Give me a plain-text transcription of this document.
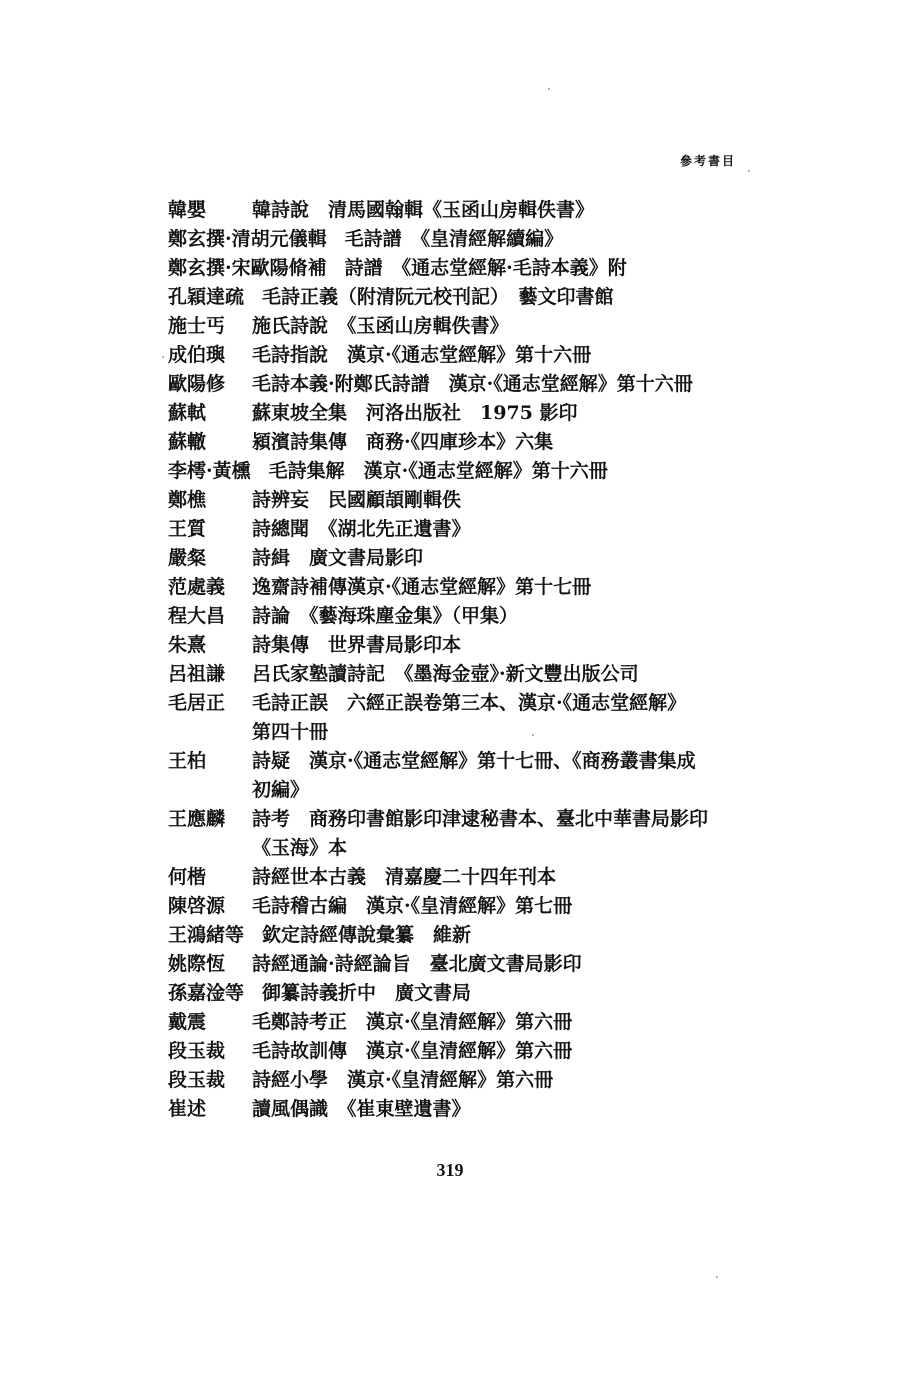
參考書目
韓嬰	韓詩說　清馬國翰輯《玉函山房輯佚書》
鄭玄撰·清胡元儀輯 毛詩譜　《皇清經解續編》
鄭玄撰·宋歐陽脩補 詩譜　《通志堂經解·毛詩本義》附
孔穎達疏 毛詩正義（附清阮元校刊記）　藝文印書館
施士丐	施氏詩說　《玉函山房輯佚書》
成伯璵	毛詩指說　漢京·《通志堂經解》第十六冊
歐陽修	毛詩本義·附鄭氏詩譜　漢京·《通志堂經解》第十六冊
蘇軾	蘇東坡全集　河洛出版社　1975 影印
蘇轍	潁濱詩集傳　商務·《四庫珍本》六集
李樗·黃櫄 毛詩集解　漢京·《通志堂經解》第十六冊
鄭樵	詩辨妄　民國顧頡剛輯佚
王質	詩總聞　《湖北先正遺書》
嚴粲	詩緝　廣文書局影印
范處義	逸齋詩補傳漢京·《通志堂經解》第十七冊
程大昌	詩論　《藝海珠塵金集》（甲集）
朱熹	詩集傳　世界書局影印本
呂祖謙	呂氏家塾讀詩記　《墨海金壺》·新文豐出版公司
毛居正	毛詩正誤　六經正誤卷第三本、漢京·《通志堂經解》
第四十冊
王柏	詩疑　漢京·《通志堂經解》第十七冊、《商務叢書集成
初編》
王應麟	詩考　商務印書館影印津逮秘書本、臺北中華書局影印
《玉海》本
何楷	詩經世本古義　清嘉慶二十四年刊本
陳啓源	毛詩稽古編　漢京·《皇清經解》第七冊
王鴻緒等 欽定詩經傳說彙纂　維新
姚際恆	詩經通論·詩經論旨　臺北廣文書局影印
孫嘉淦等 御纂詩義折中　廣文書局
戴震	毛鄭詩考正　漢京·《皇清經解》第六冊
段玉裁	毛詩故訓傳　漢京·《皇清經解》第六冊
段玉裁	詩經小學　漢京·《皇清經解》第六冊
崔述	讀風偶識　《崔東壁遺書》
319
